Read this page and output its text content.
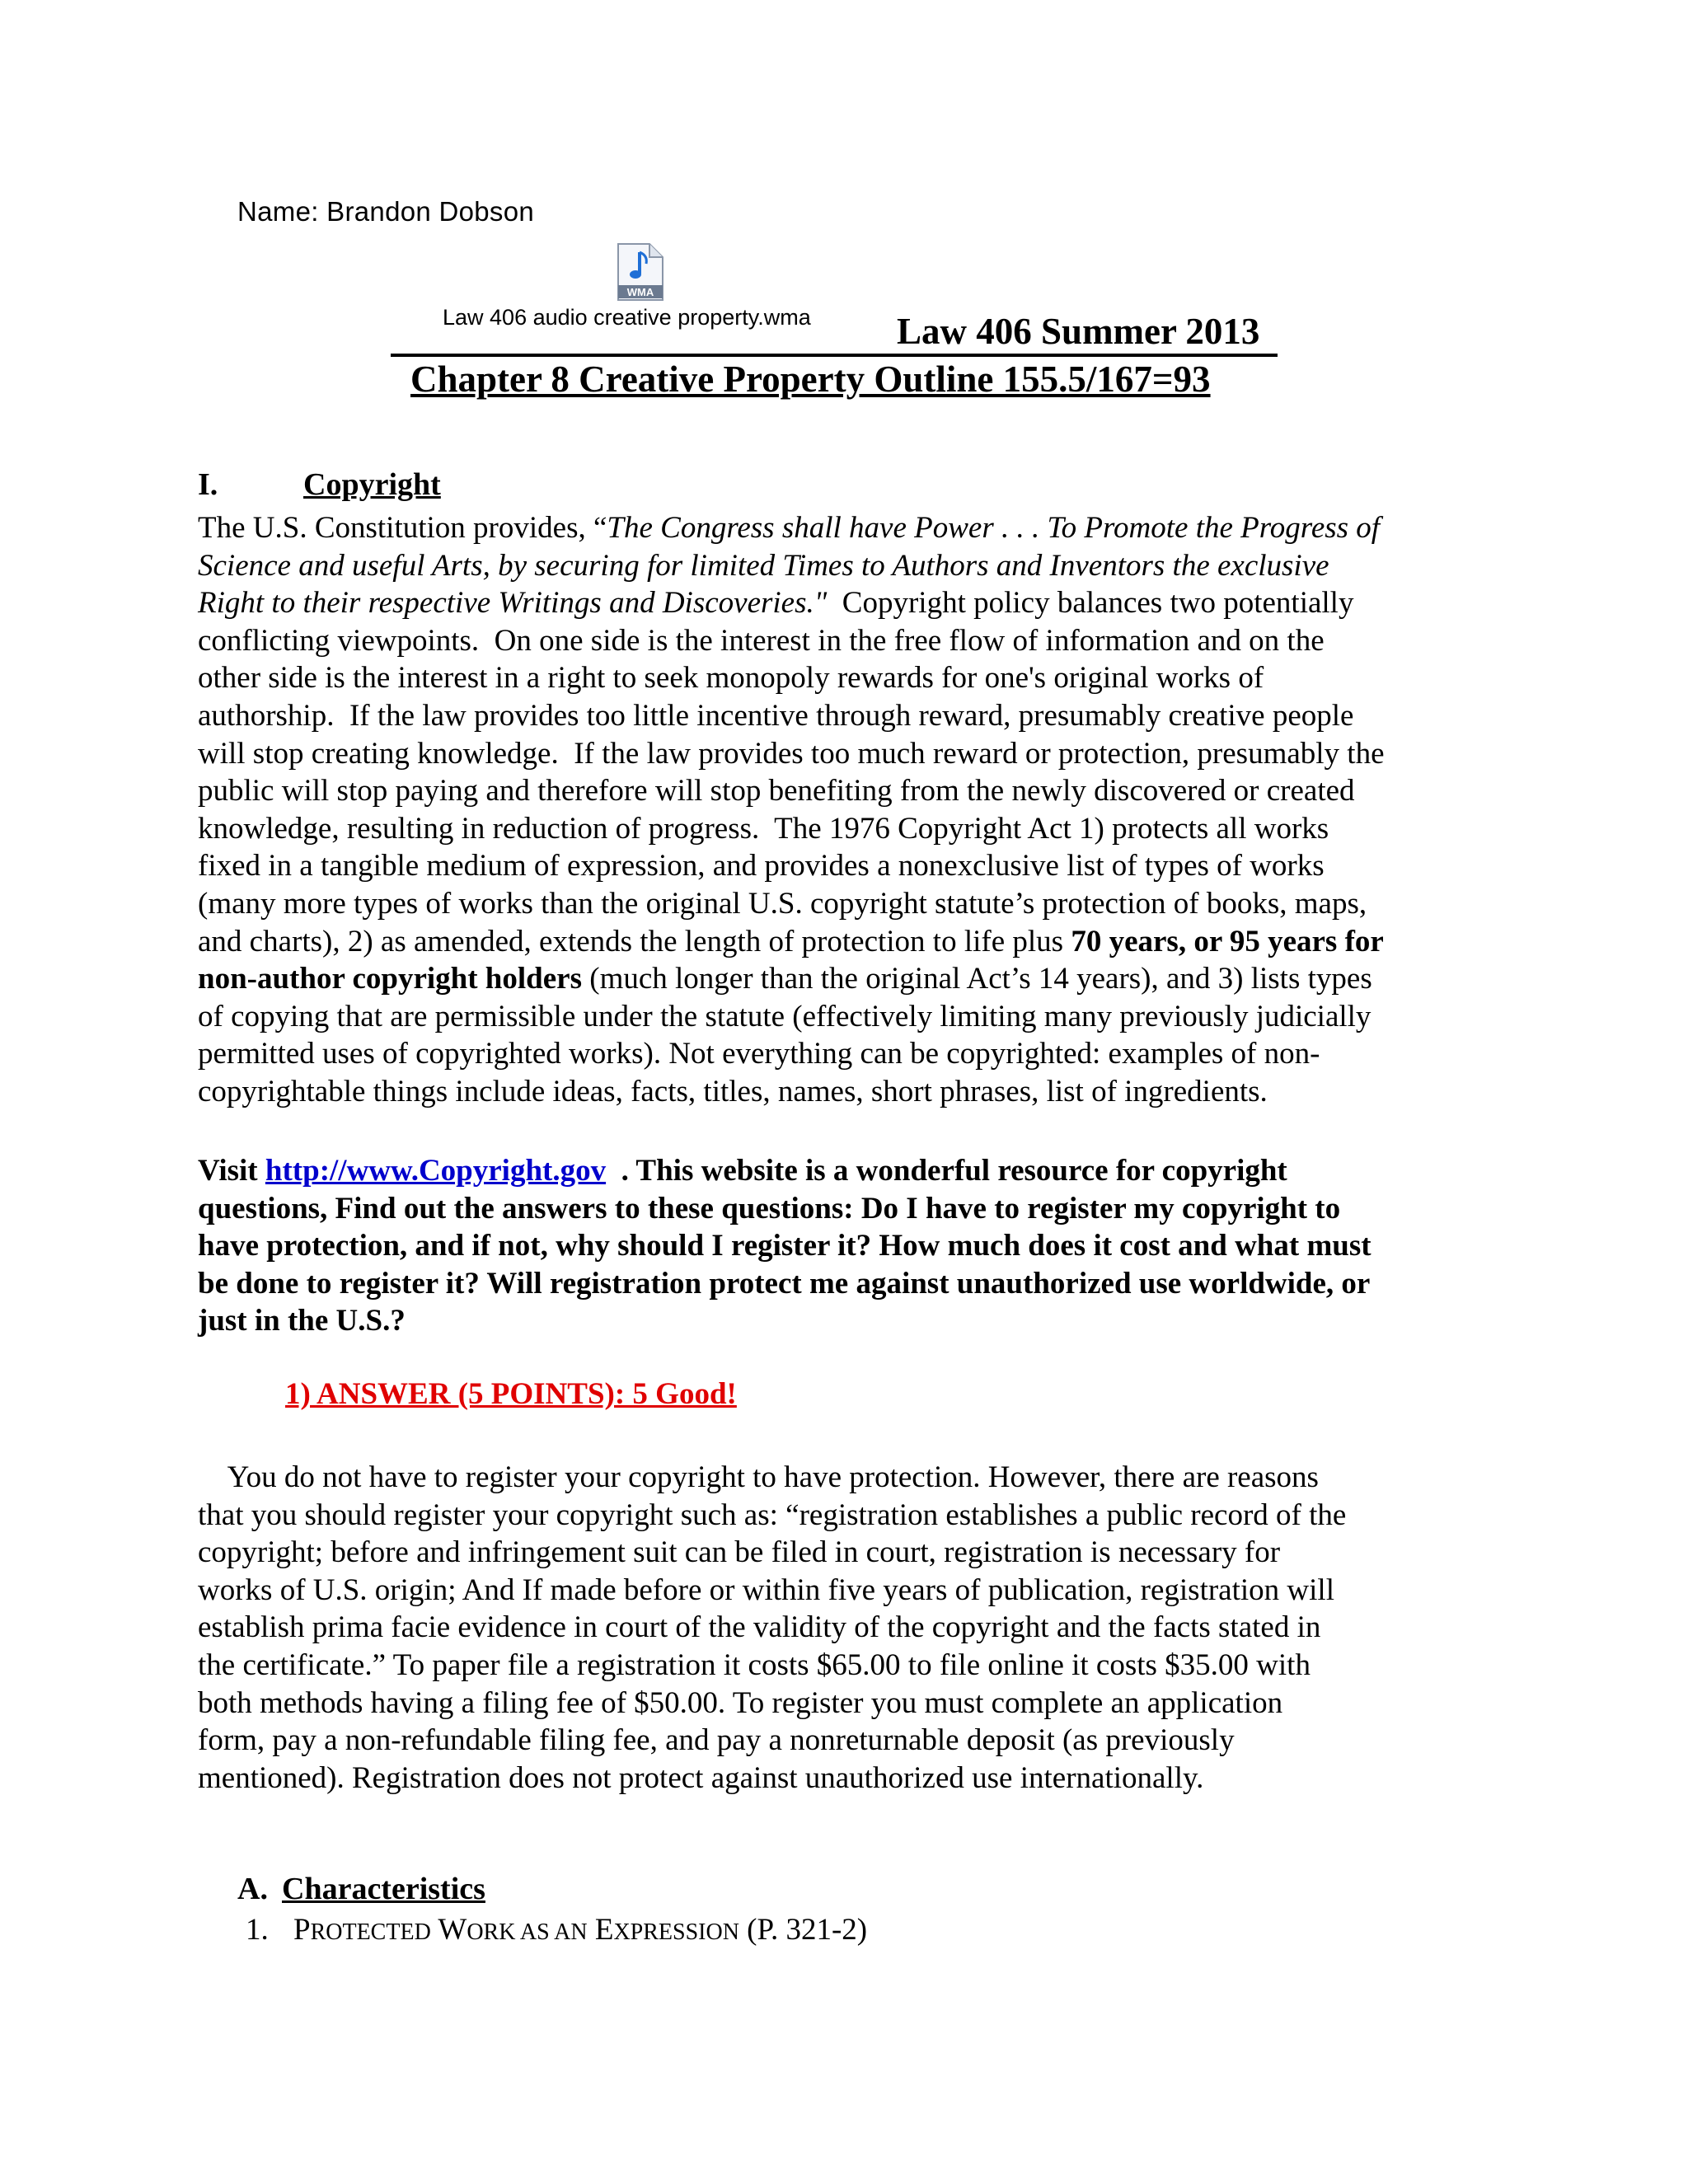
Name: Brandon Dobson
WMA
Law 406 audio creative property.wma Law 406 Summer 2013
Chapter 8 Creative Property Outline 155.5/167=93
I.	Copyright
The U.S. Constitution provides, “The Congress shall have Power . . . To Promote the Progress of
Science and useful Arts, by securing for limited Times to Authors and Inventors the exclusive
Right to their respective Writings and Discoveries."  Copyright policy balances two potentially
conflicting viewpoints.  On one side is the interest in the free flow of information and on the
other side is the interest in a right to seek monopoly rewards for one's original works of
authorship.  If the law provides too little incentive through reward, presumably creative people
will stop creating knowledge.  If the law provides too much reward or protection, presumably the
public will stop paying and therefore will stop benefiting from the newly discovered or created
knowledge, resulting in reduction of progress.  The 1976 Copyright Act 1) protects all works
fixed in a tangible medium of expression, and provides a nonexclusive list of types of works
(many more types of works than the original U.S. copyright statute’s protection of books, maps,
and charts), 2) as amended, extends the length of protection to life plus 70 years, or 95 years for
non-author copyright holders (much longer than the original Act’s 14 years), and 3) lists types
of copying that are permissible under the statute (effectively limiting many previously judicially
permitted uses of copyrighted works). Not everything can be copyrighted: examples of non-
copyrightable things include ideas, facts, titles, names, short phrases, list of ingredients.
Visit http://www.Copyright.gov  . This website is a wonderful resource for copyright
questions, Find out the answers to these questions: Do I have to register my copyright to
have protection, and if not, why should I register it? How much does it cost and what must
be done to register it? Will registration protect me against unauthorized use worldwide, or
just in the U.S.?
1) ANSWER (5 POINTS): 5 Good!
You do not have to register your copyright to have protection. However, there are reasons
that you should register your copyright such as: “registration establishes a public record of the
copyright; before and infringement suit can be filed in court, registration is necessary for
works of U.S. origin; And If made before or within five years of publication, registration will
establish prima facie evidence in court of the validity of the copyright and the facts stated in
the certificate.” To paper file a registration it costs $65.00 to file online it costs $35.00 with
both methods having a filing fee of $50.00. To register you must complete an application
form, pay a non-refundable filing fee, and pay a nonreturnable deposit (as previously
mentioned). Registration does not protect against unauthorized use internationally.
A. Characteristics
1. PROTECTED WORK AS AN EXPRESSION (P. 321-2)
